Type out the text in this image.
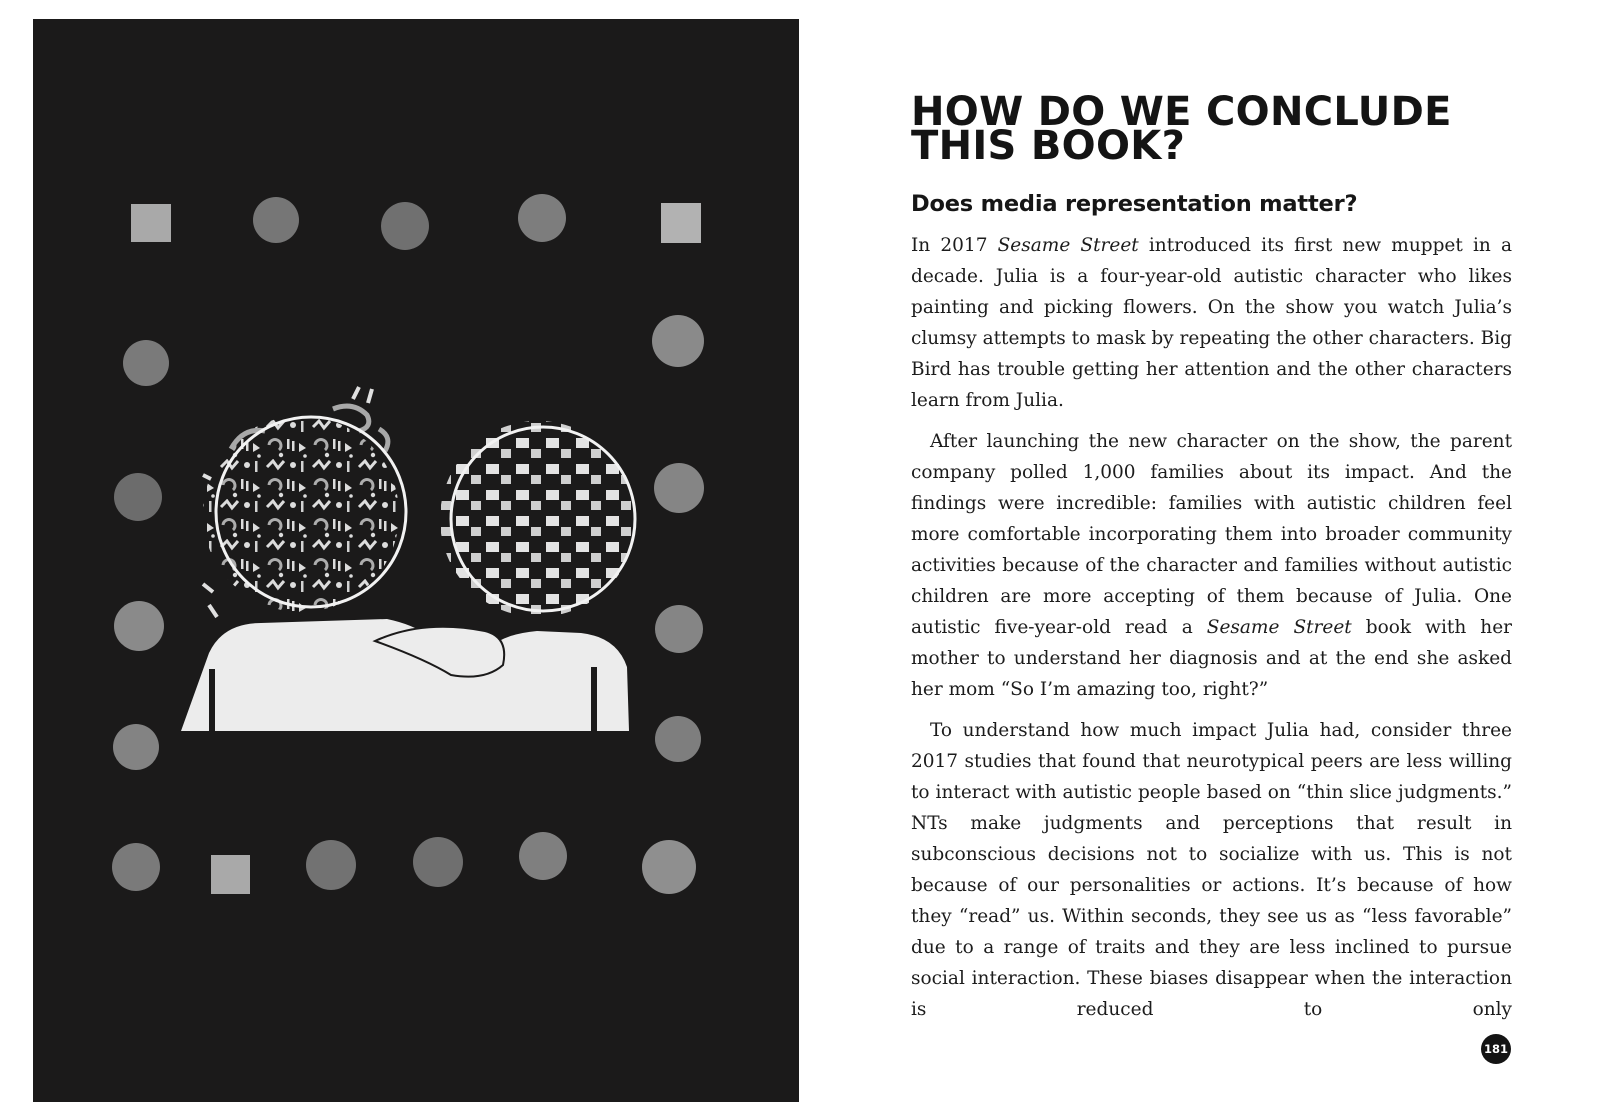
HOW DO WE CONCLUDE
THIS BOOK?
Does media representation matter?

In 2017 Sesame Street introduced its first new muppet in a decade. Julia is a four-year-old autistic character who likes painting and picking flowers. On the show you watch Julia’s clumsy attempts to mask by repeating the other characters. Big Bird has trouble getting her attention and the other characters learn from Julia.

After launching the new character on the show, the parent company polled 1,000 families about its impact. And the findings were incredible: families with autistic children feel more comfortable incorporating them into broader community activities because of the character and families without autistic children are more accepting of them because of Julia. One autistic five-year-old read a Sesame Street book with her mother to understand her diagnosis and at the end she asked her mom “So I’m amazing too, right?”

To understand how much impact Julia had, consider three 2017 studies that found that neurotypical peers are less willing to interact with autistic people based on “thin slice judgments.” NTs make judgments and perceptions that result in subconscious decisions not to socialize with us. This is not because of our personalities or actions. It’s because of how they “read” us. Within seconds, they see us as “less favorable” due to a range of traits and they are less inclined to pursue social interaction. These biases disappear when the interaction is reduced to only

181
